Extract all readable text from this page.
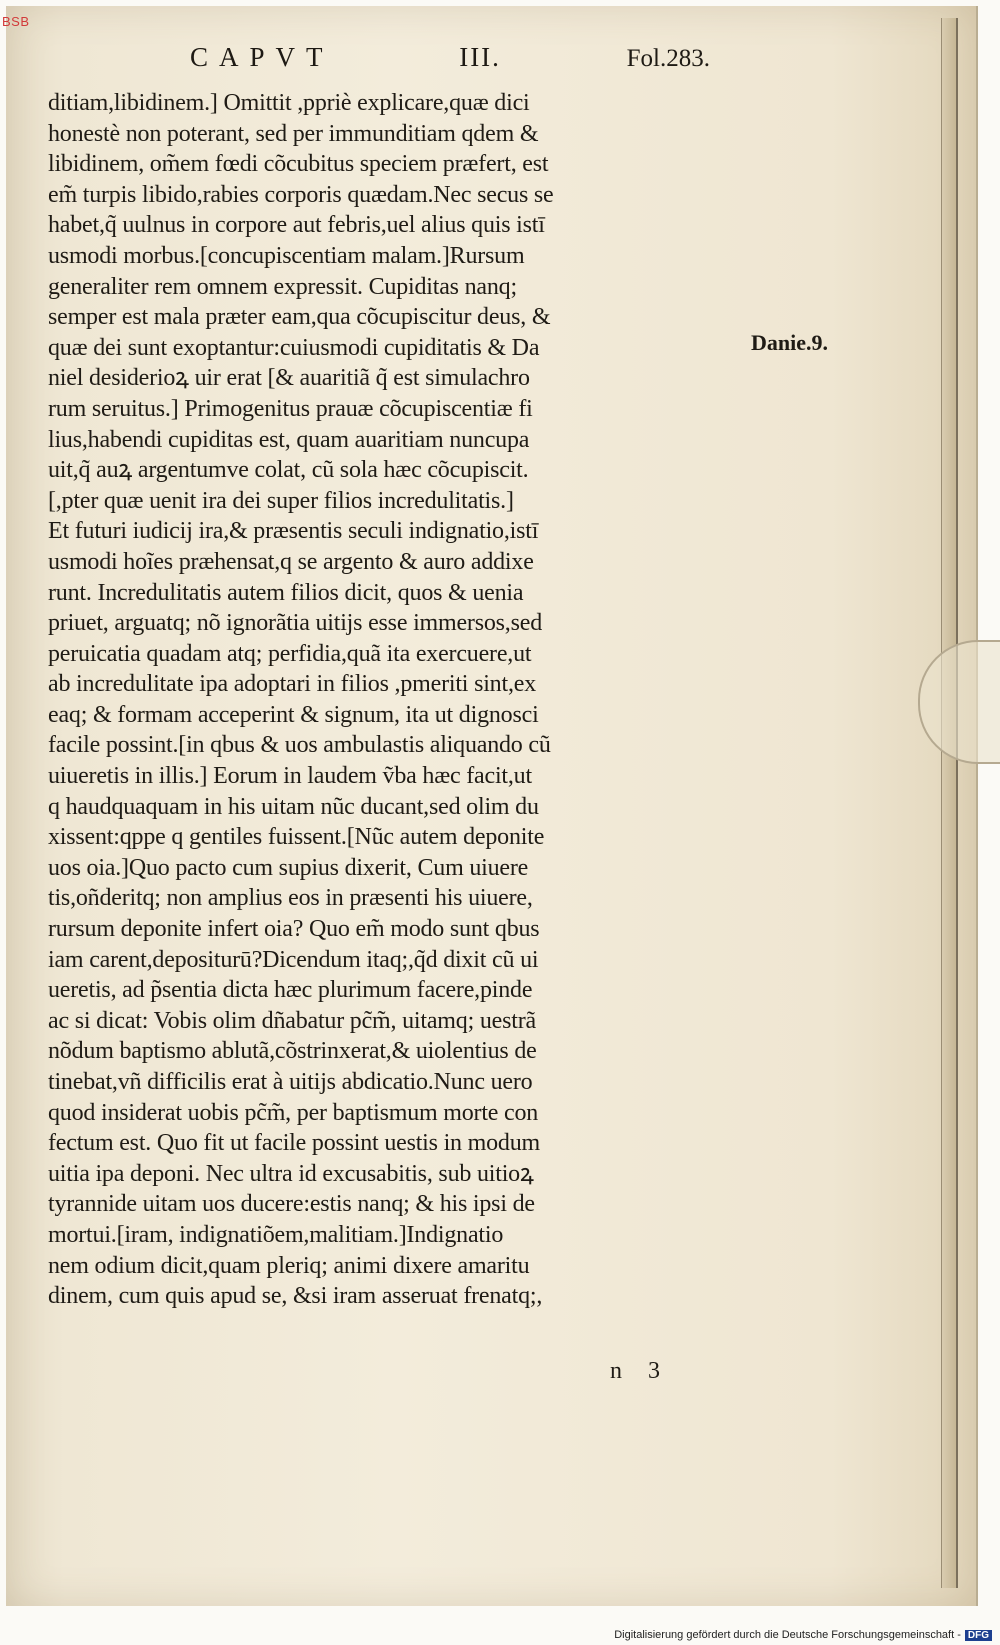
BSB
CAPVT	III.	Fol.283.
ditiam,libidinem.] Omittit ,ppriè explicare,quæ dici
honestè non poterant, sed per immunditiam qdem &
libidinem, om̃em fœdi cõcubitus speciem præfert, est
em̃ turpis libido,rabies corporis quædam.Nec secus se
habet,q̃ uulnus in corpore aut febris,uel alius quis istī
usmodi morbus.[concupiscentiam malam.]Rursum
generaliter rem omnem expressit. Cupiditas nanq;
semper est mala præter eam,qua cõcupiscitur deus, &
quæ dei sunt exoptantur:cuiusmodi cupiditatis & Da
niel desiderioꝝ uir erat [& auaritiã q̃ est simulachro
rum seruitus.] Primogenitus prauæ cõcupiscentiæ fi
lius,habendi cupiditas est, quam auaritiam nuncupa
uit,q̃ auꝝ argentumve colat, cũ sola hæc cõcupiscit.
[,pter quæ uenit ira dei super filios incredulitatis.]
Et futuri iudicĳ ira,& præsentis seculi indignatio,istī
usmodi hoĩes præhensat,q se argento & auro addixe
runt. Incredulitatis autem filios dicit, quos & uenia
priuet, arguatq; nõ ignorãtia uitijs esse immersos,sed
peruicatia quadam atq; perfidia,quã ita exercuere,ut
ab incredulitate ipa adoptari in filios ,pmeriti sint,ex
eaq; & formam acceperint & signum, ita ut dignosci
facile possint.[in qbus & uos ambulastis aliquando cũ
uiueretis in illis.] Eorum in laudem ṽba hæc facit,ut
q haudquaquam in his uitam nũc ducant,sed olim du
xissent:qppe q gentiles fuissent.[Nũc autem deponite
uos oia.]Quo pacto cum supius dixerit, Cum uiuere
tis,oñderitq; non amplius eos in præsenti his uiuere,
rursum deponite infert oia? Quo em̃ modo sunt qbus
iam carent,depositurū?Dicendum itaq;,q̃d dixit cũ ui
ueretis, ad p̃sentia dicta hæc plurimum facere,pinde
ac si dicat: Vobis olim dñabatur pc̃m̃, uitamq; uestrã
nõdum baptismo ablutã,cõstrinxerat,& uiolentius de
tinebat,vñ difficilis erat à uitijs abdicatio.Nunc uero
quod insiderat uobis pc̃m̃, per baptismum morte con
fectum est. Quo fit ut facile possint uestis in modum
uitia ipa deponi. Nec ultra id excusabitis, sub uitioꝝ
tyrannide uitam uos ducere:estis nanq; & his ipsi de
mortui.[iram, indignatiõem,malitiam.]Indignatio
nem odium dicit,quam pleriq; animi dixere amaritu
dinem, cum quis apud se, &si iram asseruat frenatq;,
Danie.9.
n 3
Digitalisierung gefördert durch die Deutsche Forschungsgemeinschaft - DFG
